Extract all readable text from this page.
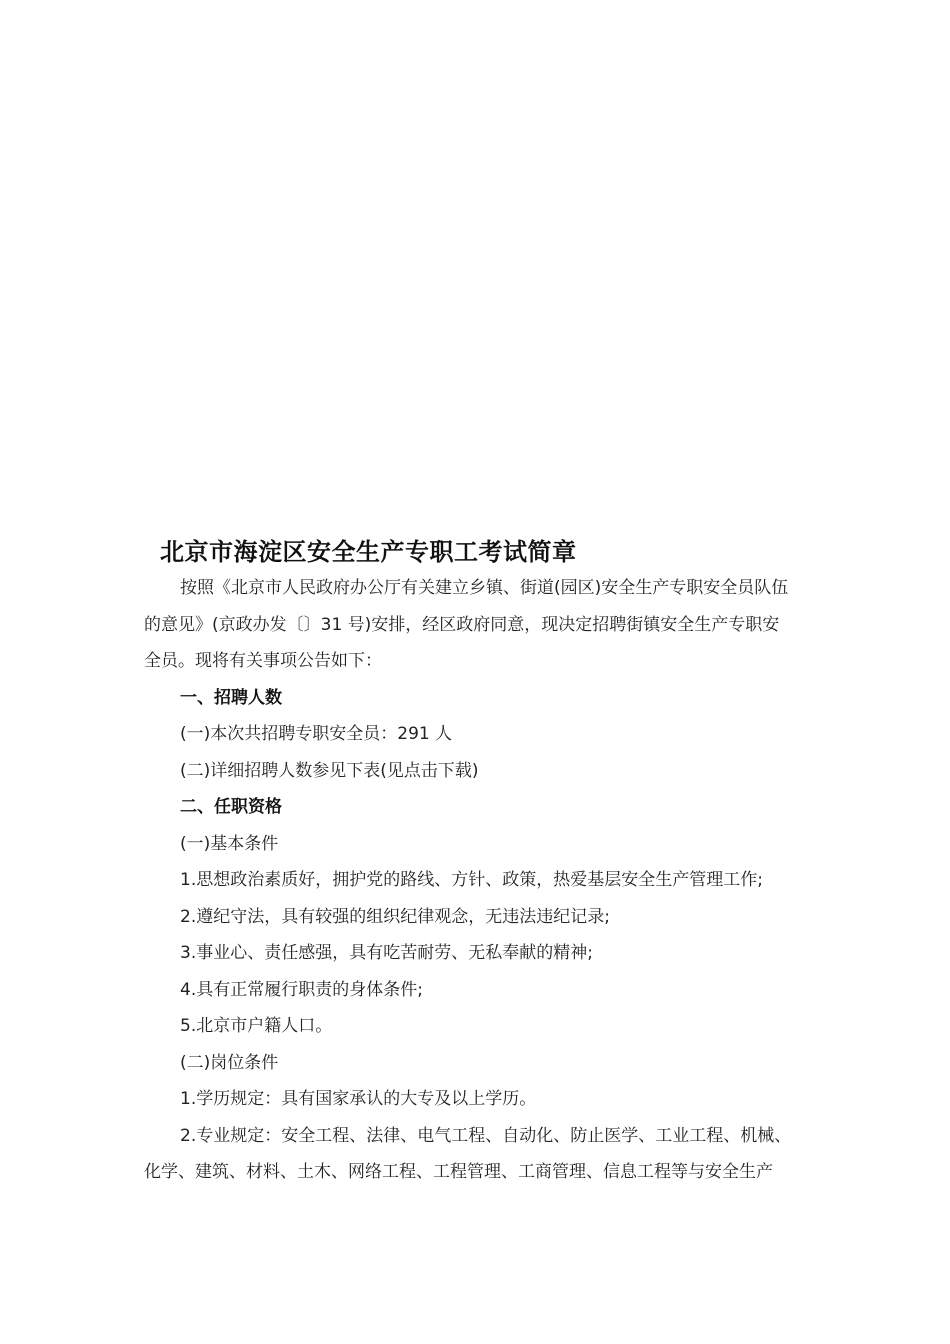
北京市海淀区安全生产专职工考试简章
按照《北京市人民政府办公厅有关建立乡镇、街道(园区)安全生产专职安全员队伍
的意见》(京政办发〔〕31 号)安排，经区政府同意，现决定招聘街镇安全生产专职安
全员。现将有关事项公告如下：
一、招聘人数
(一)本次共招聘专职安全员：291 人
(二)详细招聘人数参见下表(见点击下载)
二、任职资格
(一)基本条件
1.思想政治素质好，拥护党的路线、方针、政策，热爱基层安全生产管理工作;
2.遵纪守法，具有较强的组织纪律观念，无违法违纪记录;
3.事业心、责任感强，具有吃苦耐劳、无私奉献的精神;
4.具有正常履行职责的身体条件;
5.北京市户籍人口。
(二)岗位条件
1.学历规定：具有国家承认的大专及以上学历。
2.专业规定：安全工程、法律、电气工程、自动化、防止医学、工业工程、机械、
化学、建筑、材料、土木、网络工程、工程管理、工商管理、信息工程等与安全生产
